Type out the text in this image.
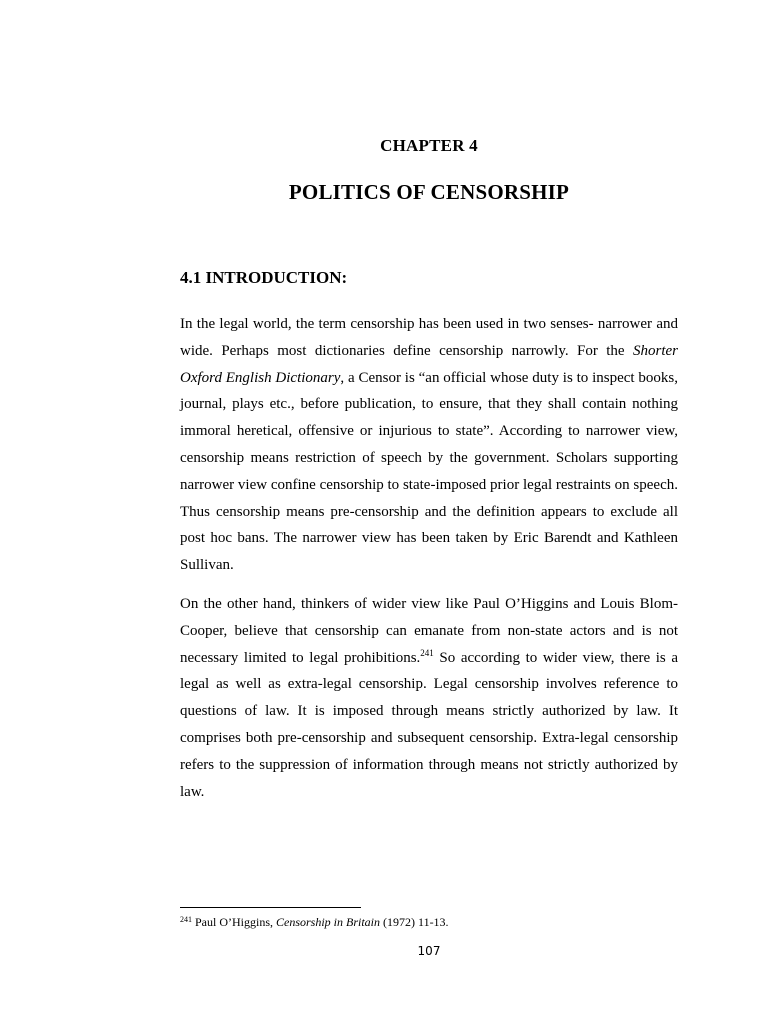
CHAPTER 4
POLITICS OF CENSORSHIP
4.1 INTRODUCTION:

In the legal world, the term censorship has been used in two senses- narrower and wide. Perhaps most dictionaries define censorship narrowly. For the Shorter Oxford English Dictionary, a Censor is “an official whose duty is to inspect books, journal, plays etc., before publication, to ensure, that they shall contain nothing immoral heretical, offensive or injurious to state”. According to narrower view, censorship means restriction of speech by the government. Scholars supporting narrower view confine censorship to state-imposed prior legal restraints on speech. Thus censorship means pre-censorship and the definition appears to exclude all post hoc bans. The narrower view has been taken by Eric Barendt and Kathleen Sullivan.

On the other hand, thinkers of wider view like Paul O’Higgins and Louis Blom-Cooper, believe that censorship can emanate from non-state actors and is not necessary limited to legal prohibitions.$^{241}$ So according to wider view, there is a legal as well as extra-legal censorship. Legal censorship involves reference to questions of law. It is imposed through means strictly authorized by law. It comprises both pre-censorship and subsequent censorship. Extra-legal censorship refers to the suppression of information through means not strictly authorized by law.

$^{241}$ Paul O’Higgins, Censorship in Britain (1972) 11-13.
107
